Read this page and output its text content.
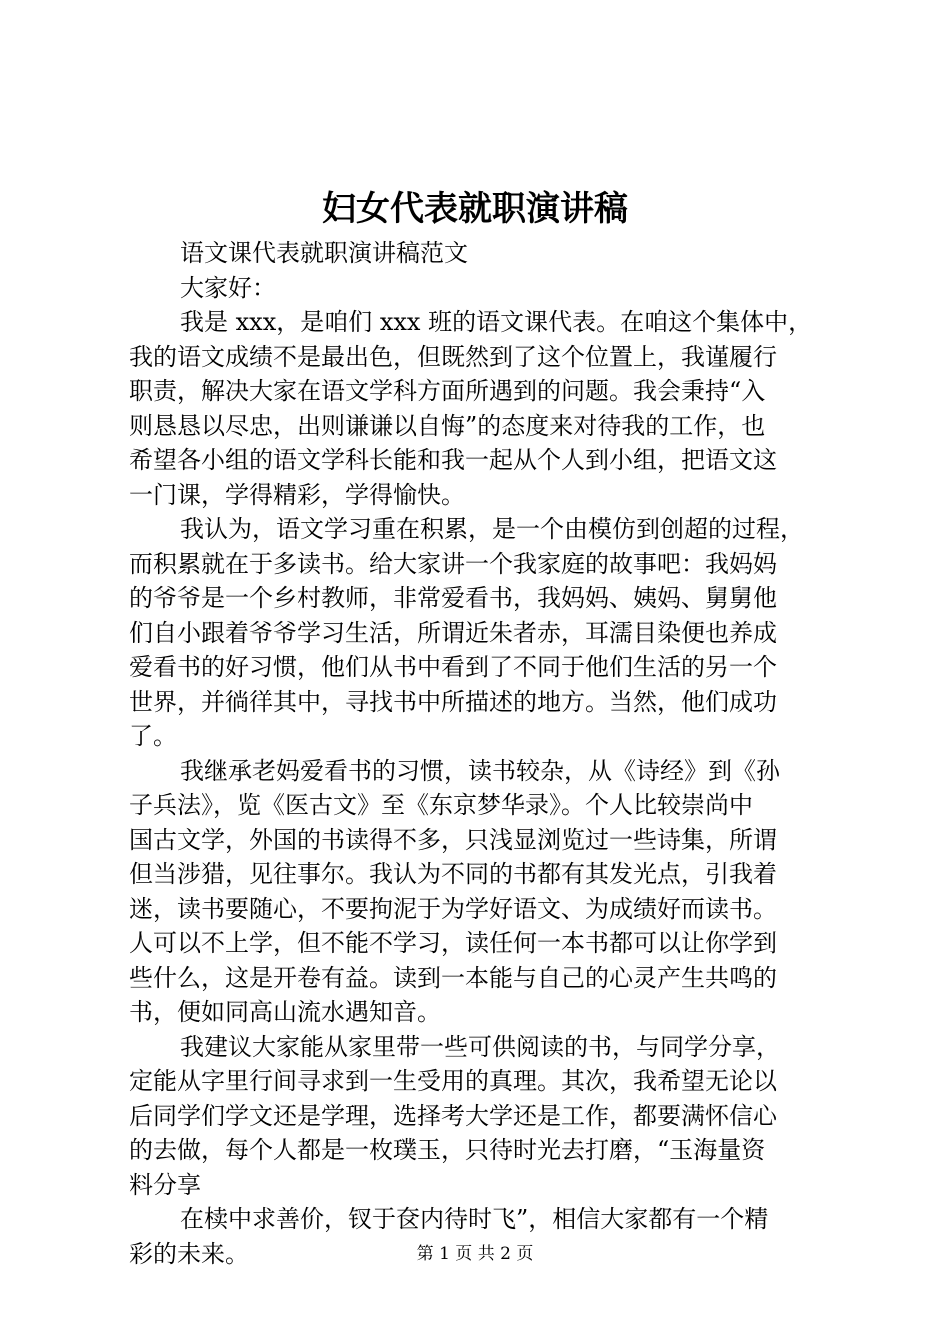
妇女代表就职演讲稿
语文课代表就职演讲稿范文
大家好：
我是 xxx，是咱们 xxx 班的语文课代表。在咱这个集体中，
我的语文成绩不是最出色，但既然到了这个位置上，我谨履行
职责，解决大家在语文学科方面所遇到的问题。我会秉持“入
则恳恳以尽忠，出则谦谦以自悔”的态度来对待我的工作，也
希望各小组的语文学科长能和我一起从个人到小组，把语文这
一门课，学得精彩，学得愉快。
我认为，语文学习重在积累，是一个由模仿到创超的过程，
而积累就在于多读书。给大家讲一个我家庭的故事吧：我妈妈
的爷爷是一个乡村教师，非常爱看书，我妈妈、姨妈、舅舅他
们自小跟着爷爷学习生活，所谓近朱者赤，耳濡目染便也养成
爱看书的好习惯，他们从书中看到了不同于他们生活的另一个
世界，并徜徉其中，寻找书中所描述的地方。当然，他们成功
了。
我继承老妈爱看书的习惯，读书较杂，从《诗经》到《孙
子兵法》，览《医古文》至《东京梦华录》。个人比较崇尚中
国古文学，外国的书读得不多，只浅显浏览过一些诗集，所谓
但当涉猎，见往事尔。我认为不同的书都有其发光点，引我着
迷，读书要随心，不要拘泥于为学好语文、为成绩好而读书。
人可以不上学，但不能不学习，读任何一本书都可以让你学到
些什么，这是开卷有益。读到一本能与自己的心灵产生共鸣的
书，便如同高山流水遇知音。
我建议大家能从家里带一些可供阅读的书，与同学分享，
定能从字里行间寻求到一生受用的真理。其次，我希望无论以
后同学们学文还是学理，选择考大学还是工作，都要满怀信心
的去做，每个人都是一枚璞玉，只待时光去打磨，“玉海量资
料分享
在椟中求善价，钗于奁内待时飞”，相信大家都有一个精
彩的未来。	第 1 页 共 2 页
